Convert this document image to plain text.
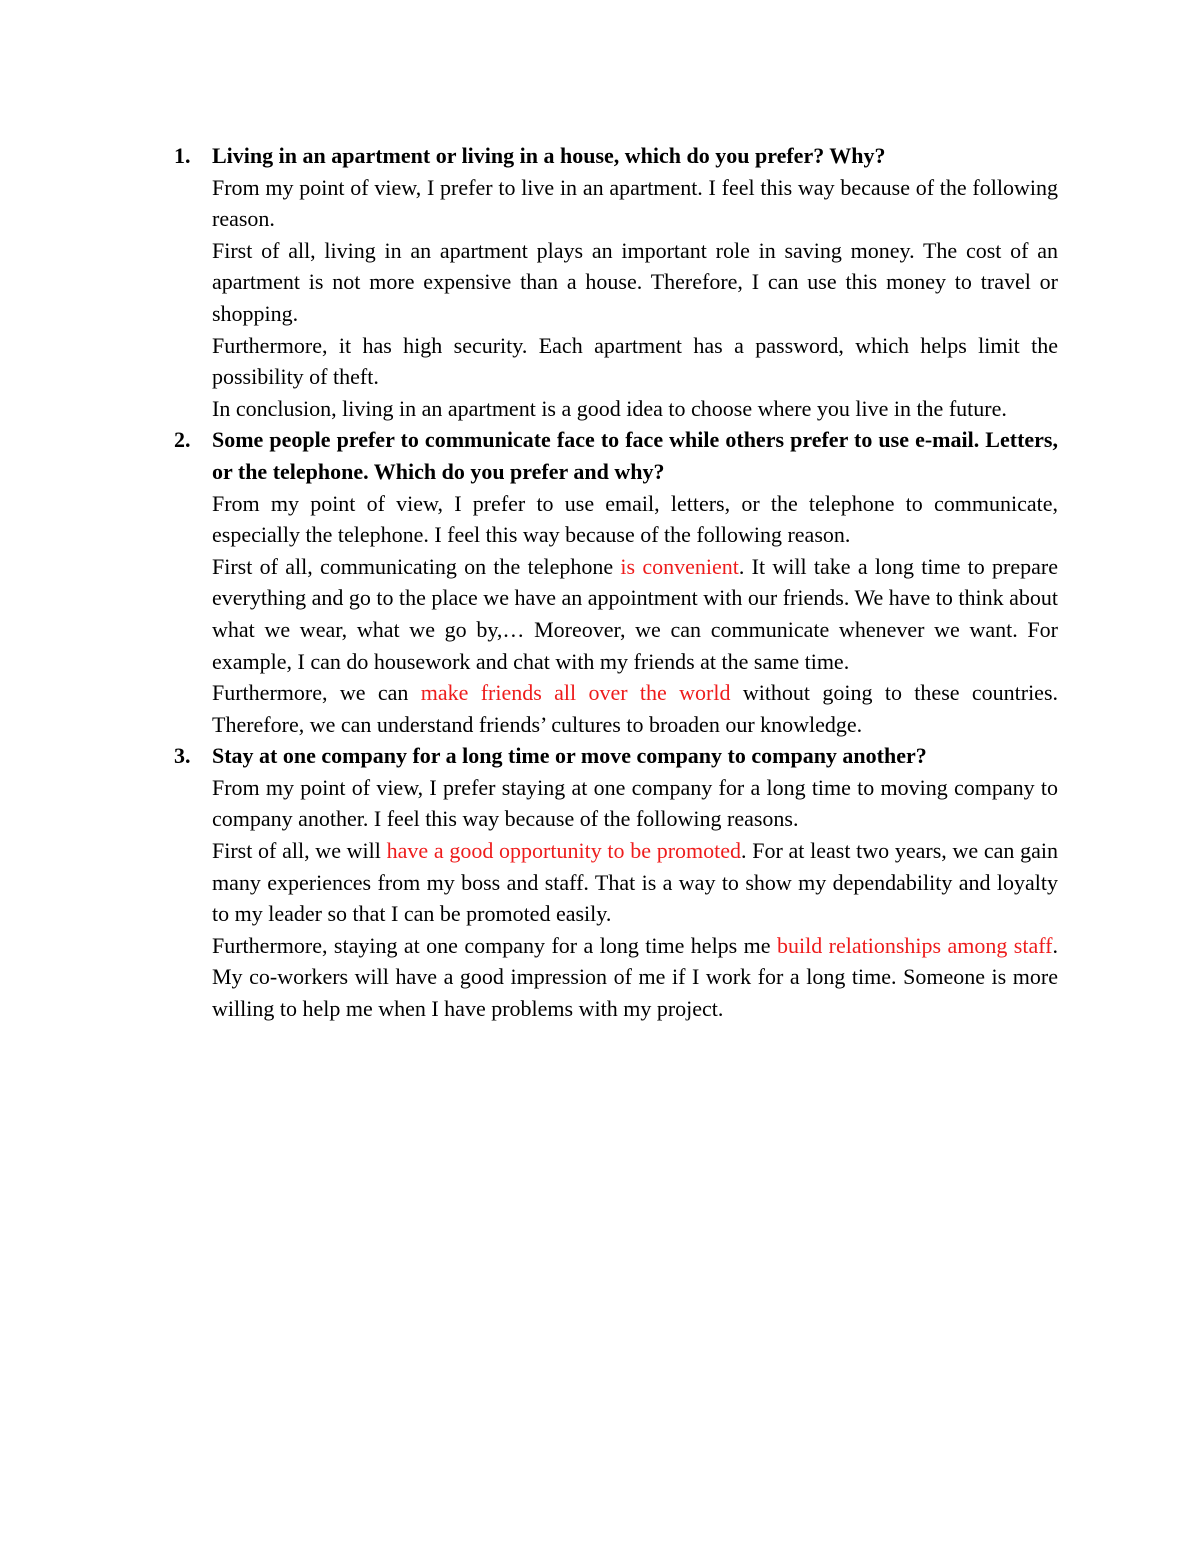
1. Living in an apartment or living in a house, which do you prefer? Why?

From my point of view, I prefer to live in an apartment. I feel this way because of the following reason.

First of all, living in an apartment plays an important role in saving money. The cost of an apartment is not more expensive than a house. Therefore, I can use this money to travel or shopping.

Furthermore, it has high security. Each apartment has a password, which helps limit the possibility of theft.

In conclusion, living in an apartment is a good idea to choose where you live in the future.

2. Some people prefer to communicate face to face while others prefer to use e-mail. Letters, or the telephone. Which do you prefer and why?

From my point of view, I prefer to use email, letters, or the telephone to communicate, especially the telephone. I feel this way because of the following reason.

First of all, communicating on the telephone is convenient. It will take a long time to prepare everything and go to the place we have an appointment with our friends. We have to think about what we wear, what we go by,… Moreover, we can communicate whenever we want. For example, I can do housework and chat with my friends at the same time.

Furthermore, we can make friends all over the world without going to these countries. Therefore, we can understand friends’ cultures to broaden our knowledge.

3. Stay at one company for a long time or move company to company another?

From my point of view, I prefer staying at one company for a long time to moving company to company another. I feel this way because of the following reasons.

First of all, we will have a good opportunity to be promoted. For at least two years, we can gain many experiences from my boss and staff. That is a way to show my dependability and loyalty to my leader so that I can be promoted easily.

Furthermore, staying at one company for a long time helps me build relationships among staff. My co-workers will have a good impression of me if I work for a long time. Someone is more willing to help me when I have problems with my project.
